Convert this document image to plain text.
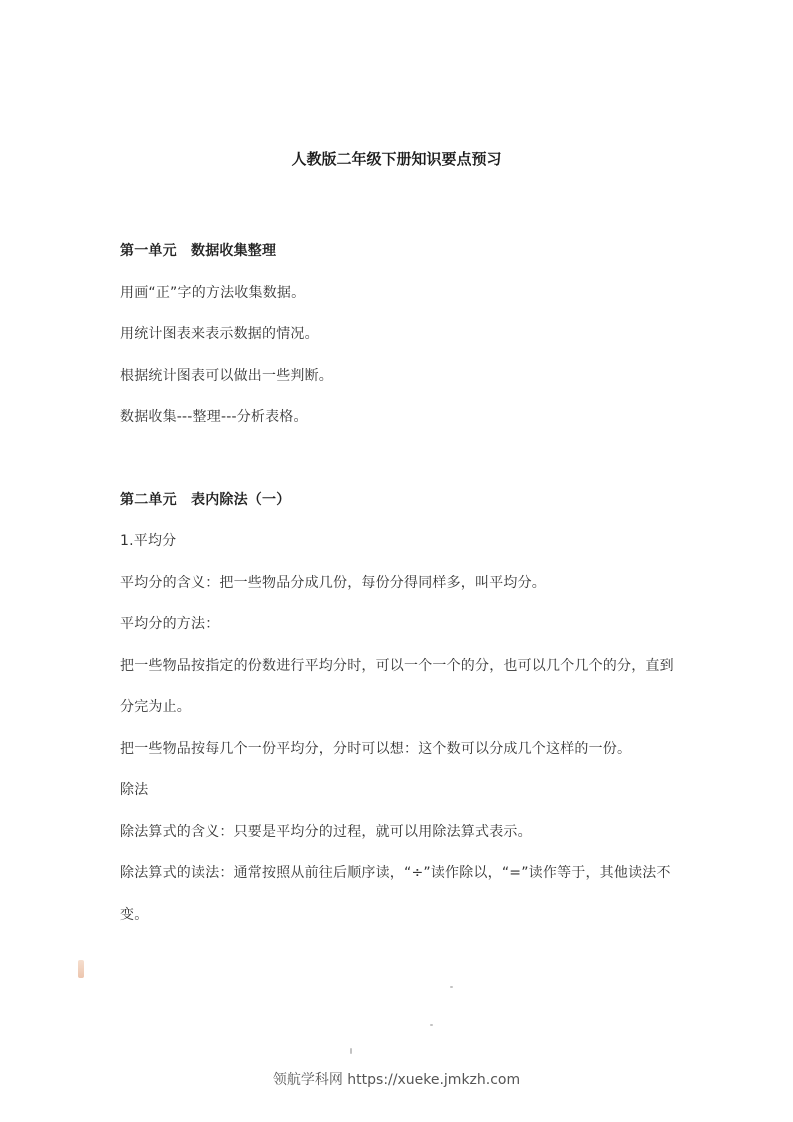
人教版二年级下册知识要点预习

第一单元　数据收集整理

用画“正”字的方法收集数据。

用统计图表来表示数据的情况。

根据统计图表可以做出一些判断。

数据收集---整理---分析表格。

第二单元　表内除法（一）

1.平均分

平均分的含义：把一些物品分成几份，每份分得同样多，叫平均分。

平均分的方法：

把一些物品按指定的份数进行平均分时，可以一个一个的分，也可以几个几个的分，直到分完为止。

把一些物品按每几个一份平均分，分时可以想：这个数可以分成几个这样的一份。

除法

除法算式的含义：只要是平均分的过程，就可以用除法算式表示。

除法算式的读法：通常按照从前往后顺序读，“÷”读作除以，“=”读作等于，其他读法不变。

领航学科网 https://xueke.jmkzh.com
